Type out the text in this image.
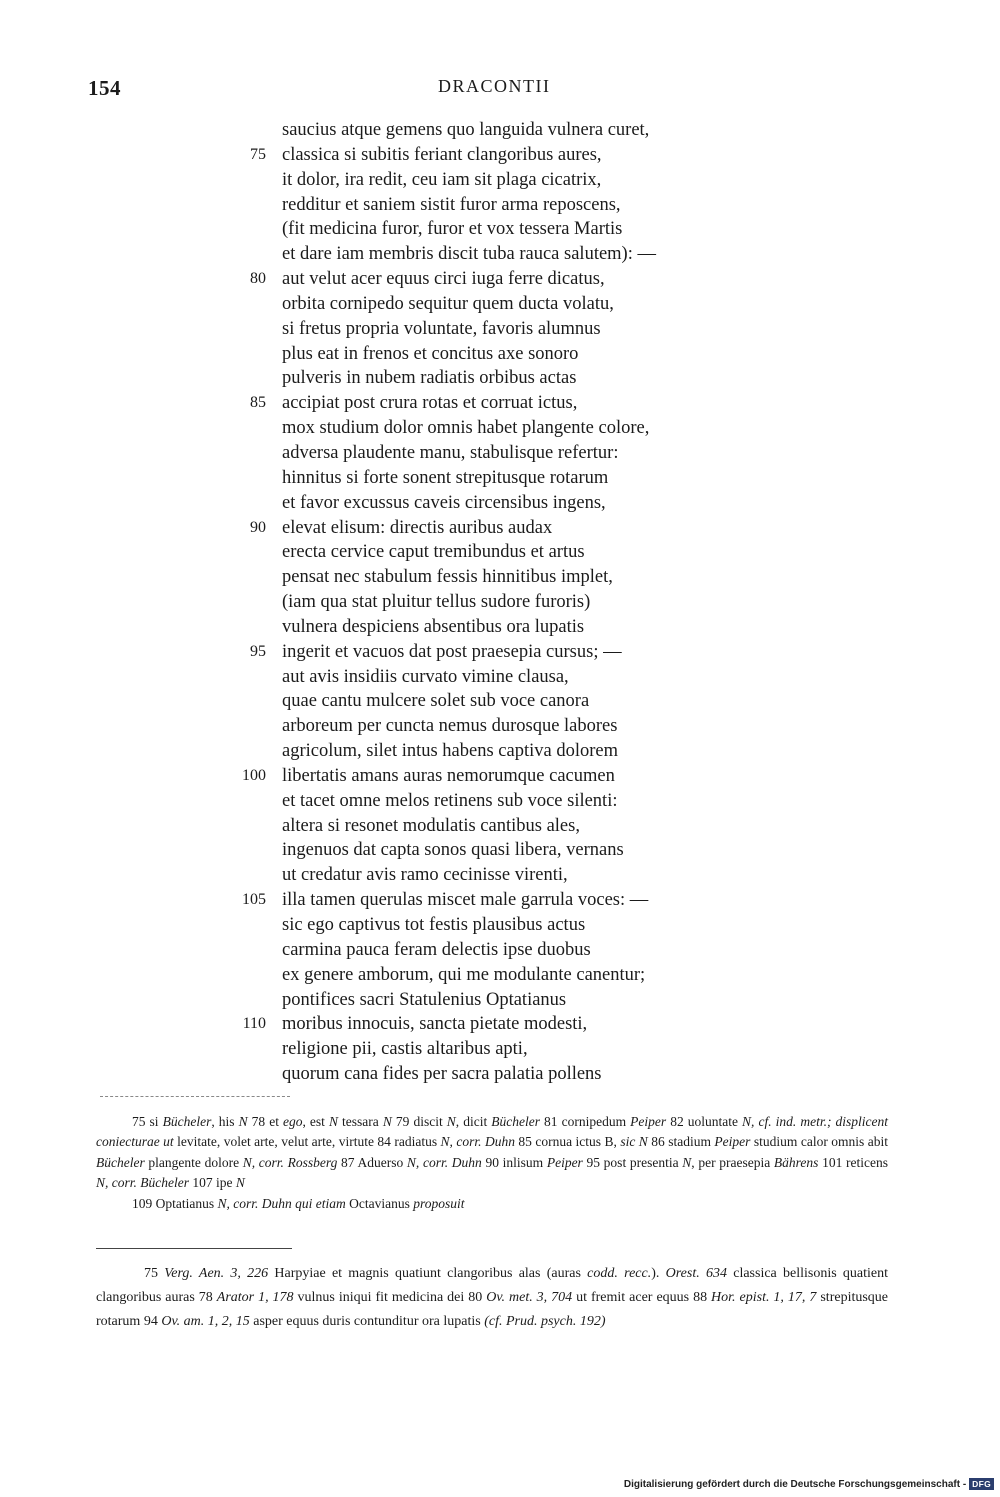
154	DRACONTII
saucius atque gemens quo languida vulnera curet,
75 classica si subitis feriant clangoribus aures,
it dolor, ira redit, ceu iam sit plaga cicatrix,
redditur et saniem sistit furor arma reposcens,
(fit medicina furor, furor et vox tessera Martis
et dare iam membris discit tuba rauca salutem): —
80 aut velut acer equus circi iuga ferre dicatus,
orbita cornipedo sequitur quem ducta volatu,
si fretus propria voluntate, favoris alumnus
plus eat in frenos et concitus axe sonoro
pulveris in nubem radiatis orbibus actas
85 accipiat post crura rotas et corruat ictus,
mox studium dolor omnis habet plangente colore,
adversa plaudente manu, stabulisque refertur:
hinnitus si forte sonent strepitusque rotarum
et favor excussus caveis circensibus ingens,
90 elevat elisum: directis auribus audax
erecta cervice caput tremibundus et artus
pensat nec stabulum fessis hinnitibus implet,
(iam qua stat pluitur tellus sudore furoris)
vulnera despiciens absentibus ora lupatis
95 ingerit et vacuos dat post praesepia cursus; —
aut avis insidiis curvato vimine clausa,
quae cantu mulcere solet sub voce canora
arboreum per cuncta nemus durosque labores
agricolum, silet intus habens captiva dolorem
100 libertatis amans auras nemorumque cacumen
et tacet omne melos retinens sub voce silenti:
altera si resonet modulatis cantibus ales,
ingenuos dat capta sonos quasi libera, vernans
ut credatur avis ramo cecinisse virenti,
105 illa tamen querulas miscet male garrula voces: —
sic ego captivus tot festis plausibus actus
carmina pauca feram delectis ipse duobus
ex genere amborum, qui me modulante canentur;
pontifices sacri Statulenius Optatianus
110 moribus innocuis, sancta pietate modesti,
religione pii, castis altaribus apti,
quorum cana fides per sacra palatia pollens

75 si Bücheler, his N 78 et ego, est N tessara N 79 discit N, dicit Bücheler 81 cornipedum Peiper 82 uoluntate N, cf. ind. metr.; displicent coniecturae ut levitate, volet arte, velut arte, virtute 84 radiatus N, corr. Duhn 85 cornua ictus B, sic N 86 stadium Peiper studium calor omnis abit Bücheler plangente dolore N, corr. Rossberg 87 Aduerso N, corr. Duhn 90 inlisum Peiper 95 post presentia N, per praesepia Bährens 101 reticens N, corr. Bücheler 107 ipe N

109 Optatianus N, corr. Duhn qui etiam Octavianus proposuit

75 Verg. Aen. 3, 226 Harpyiae et magnis quatiunt clangoribus alas (auras codd. recc.). Orest. 634 classica bellisonis quatient clangoribus auras 78 Arator 1, 178 vulnus iniqui fit medicina dei 80 Ov. met. 3, 704 ut fremit acer equus 88 Hor. epist. 1, 17, 7 strepitusque rotarum 94 Ov. am. 1, 2, 15 asper equus duris contunditur ora lupatis (cf. Prud. psych. 192)

Digitalisierung gefördert durch die Deutsche Forschungsgemeinschaft - DFG
